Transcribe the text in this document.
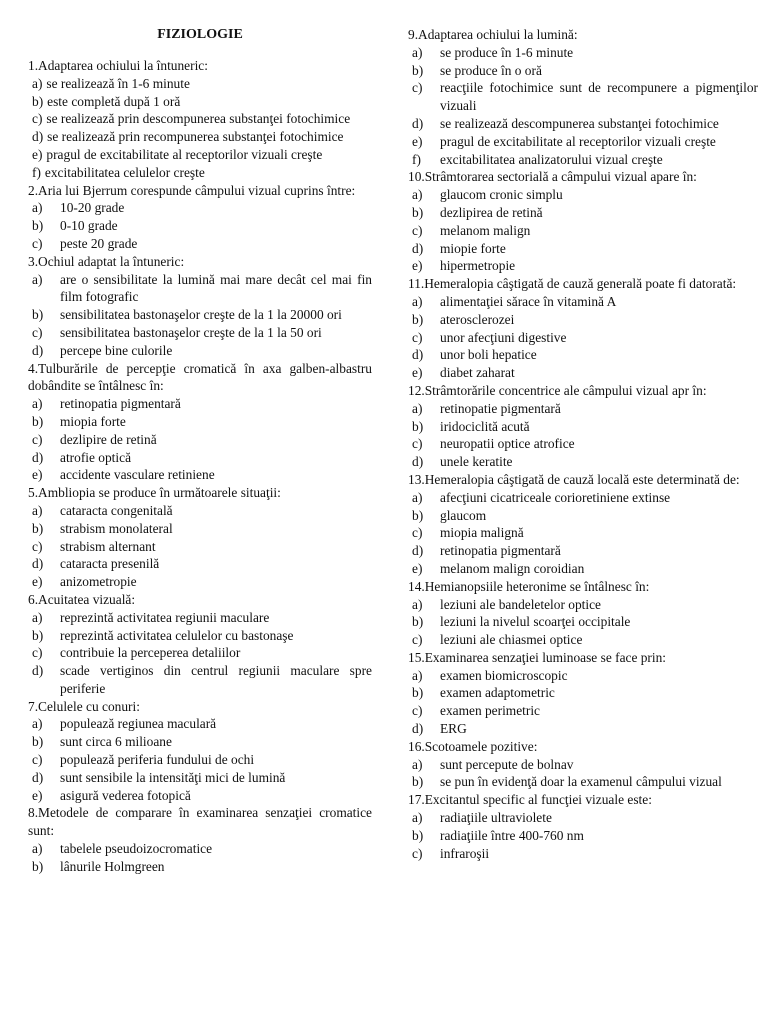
FIZIOLOGIE
1.Adaptarea ochiului la întuneric:
a) se realizează în 1-6 minute
b) este completă după 1 oră
c) se realizează prin descompunerea substanţei fotochimice
d) se realizează prin recompunerea substanţei fotochimice
e) pragul de excitabilitate al receptorilor vizuali creşte
f) excitabilitatea celulelor creşte
2.Aria lui Bjerrum corespunde câmpului vizual cuprins între:
a)	10-20 grade
b)	0-10 grade
c)	peste 20 grade
3.Ochiul adaptat la întuneric:
a)	are o sensibilitate la lumină mai mare decât cel mai fin film fotografic
b)	sensibilitatea bastonaşelor creşte de la 1 la 20000 ori
c)	sensibilitatea bastonaşelor creşte de la 1 la 50 ori
d)	percepe bine culorile
4.Tulburările de percepţie cromatică în axa galben-albastru dobândite se întâlnesc în:
a)	retinopatia pigmentară
b)	miopia forte
c)	dezlipire de retină
d)	atrofie optică
e)	accidente vasculare retiniene
5.Ambliopia se produce în următoarele situaţii:
a)	cataracta congenitală
b)	strabism monolateral
c)	strabism alternant
d)	cataracta presenilă
e)	anizometropie
6.Acuitatea vizuală:
a)	reprezintă activitatea regiunii maculare
b)	reprezintă activitatea celulelor cu bastonaşe
c)	contribuie la perceperea detaliilor
d)	scade vertiginos din centrul regiunii maculare spre periferie
7.Celulele cu conuri:
a)	populează regiunea maculară
b)	sunt circa 6 milioane
c)	populează periferia fundului de ochi
d)	sunt sensibile la intensităţi mici de lumină
e)	asigură vederea fotopică
8.Metodele de comparare în examinarea senzaţiei cromatice sunt:
a)	tabelele pseudoizocromatice
b)	lânurile Holmgreen
9.Adaptarea ochiului la lumină:
a)	se produce în 1-6 minute
b)	se produce în o oră
c)	reacţiile fotochimice sunt de recompunere a pigmenţilor vizuali
d)	se realizează descompunerea substanţei fotochimice
e)	pragul de excitabilitate al receptorilor vizuali creşte
f)	excitabilitatea analizatorului vizual creşte
10.Strâmtorarea sectorială a câmpului vizual apare în:
a)	glaucom cronic simplu
b)	dezlipirea de retină
c)	melanom malign
d)	miopie forte
e)	hipermetropie
11.Hemeralopia câştigată de cauză generală poate fi datorată:
a)	alimentaţiei sărace în vitamină A
b)	aterosclerozei
c)	unor afecţiuni digestive
d)	unor boli hepatice
e)	diabet zaharat
12.Strâmtorările concentrice ale câmpului vizual apr în:
a)	retinopatie pigmentară
b)	iridociclită acută
c)	neuropatii optice atrofice
d)	unele keratite
13.Hemeralopia câştigată de cauză locală este determinată de:
a)	afecţiuni cicatriceale corioretiniene extinse
b)	glaucom
c)	miopia malignă
d)	retinopatia pigmentară
e)	melanom malign coroidian
14.Hemianopsiile heteronime se întâlnesc în:
a)	leziuni ale bandeletelor optice
b)	leziuni la nivelul scoarţei occipitale
c)	leziuni ale chiasmei optice
15.Examinarea senzaţiei luminoase se face prin:
a)	examen biomicroscopic
b)	examen adaptometric
c)	examen perimetric
d)	ERG
16.Scotoamele pozitive:
a)	sunt percepute de bolnav
b)	se pun în evidenţă doar la examenul câmpului vizual
17.Excitantul specific al funcţiei vizuale este:
a)	radiaţiile ultraviolete
b)	radiaţiile între 400-760 nm
c)	infraroşii
